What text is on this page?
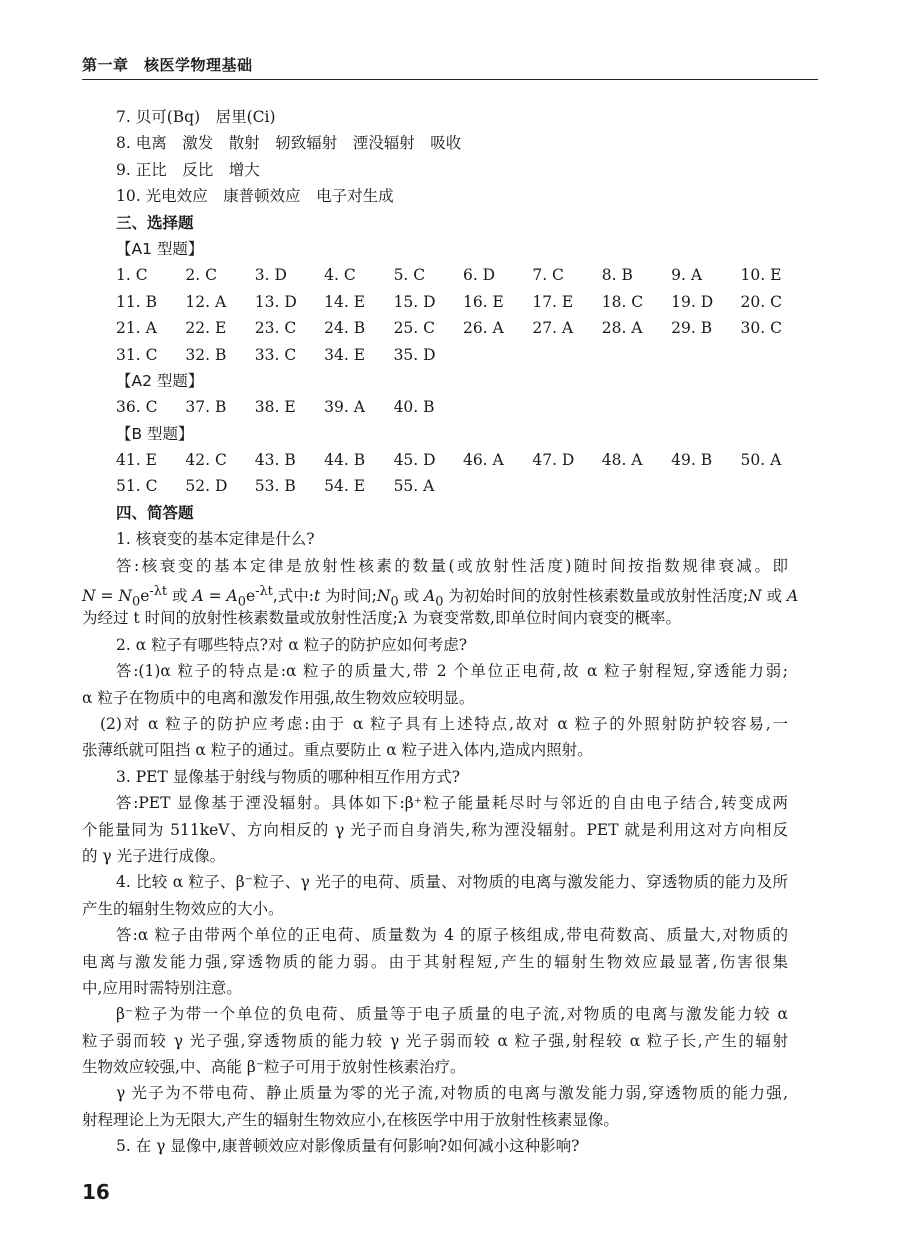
第一章　核医学物理基础
7. 贝可(Bq)　居里(Ci)
8. 电离　激发　散射　轫致辐射　湮没辐射　吸收
9. 正比　反比　增大
10. 光电效应　康普顿效应　电子对生成
三、选择题
【A1 型题】
1. C	2. C	3. D	4. C	5. C	6. D	7. C	8. B	9. A	10. E
11. B	12. A	13. D	14. E	15. D	16. E	17. E	18. C	19. D	20. C
21. A	22. E	23. C	24. B	25. C	26. A	27. A	28. A	29. B	30. C
31. C	32. B	33. C	34. E	35. D
【A2 型题】
36. C	37. B	38. E	39. A	40. B
【B 型题】
41. E	42. C	43. B	44. B	45. D	46. A	47. D	48. A	49. B	50. A
51. C	52. D	53. B	54. E	55. A
四、简答题
1. 核衰变的基本定律是什么?
答:核衰变的基本定律是放射性核素的数量(或放射性活度)随时间按指数规律衰减。即
$N = N_0e^{-\lambda t}$ 或 $A = A_0e^{-\lambda t}$,式中:t 为时间$;N_0$ 或 $A_0$ 为初始时间的放射性核素数量或放射性活度;N 或 A
为经过 t 时间的放射性核素数量或放射性活度;λ 为衰变常数,即单位时间内衰变的概率。
2. α 粒子有哪些特点?对 α 粒子的防护应如何考虑?
答:(1)α 粒子的特点是:α 粒子的质量大,带 2 个单位正电荷,故 α 粒子射程短,穿透能力弱;
α 粒子在物质中的电离和激发作用强,故生物效应较明显。
(2)对 α 粒子的防护应考虑:由于 α 粒子具有上述特点,故对 α 粒子的外照射防护较容易,一
张薄纸就可阻挡 α 粒子的通过。重点要防止 α 粒子进入体内,造成内照射。
3. PET 显像基于射线与物质的哪种相互作用方式?
答:PET 显像基于湮没辐射。具体如下:β⁺粒子能量耗尽时与邻近的自由电子结合,转变成两
个能量同为 511keV、方向相反的 γ 光子而自身消失,称为湮没辐射。PET 就是利用这对方向相反
的 γ 光子进行成像。
4. 比较 α 粒子、β⁻粒子、γ 光子的电荷、质量、对物质的电离与激发能力、穿透物质的能力及所
产生的辐射生物效应的大小。
答:α 粒子由带两个单位的正电荷、质量数为 4 的原子核组成,带电荷数高、质量大,对物质的
电离与激发能力强,穿透物质的能力弱。由于其射程短,产生的辐射生物效应最显著,伤害很集
中,应用时需特别注意。
β⁻粒子为带一个单位的负电荷、质量等于电子质量的电子流,对物质的电离与激发能力较 α
粒子弱而较 γ 光子强,穿透物质的能力较 γ 光子弱而较 α 粒子强,射程较 α 粒子长,产生的辐射
生物效应较强,中、高能 β⁻粒子可用于放射性核素治疗。
γ 光子为不带电荷、静止质量为零的光子流,对物质的电离与激发能力弱,穿透物质的能力强,
射程理论上为无限大,产生的辐射生物效应小,在核医学中用于放射性核素显像。
5. 在 γ 显像中,康普顿效应对影像质量有何影响?如何减小这种影响?
16
